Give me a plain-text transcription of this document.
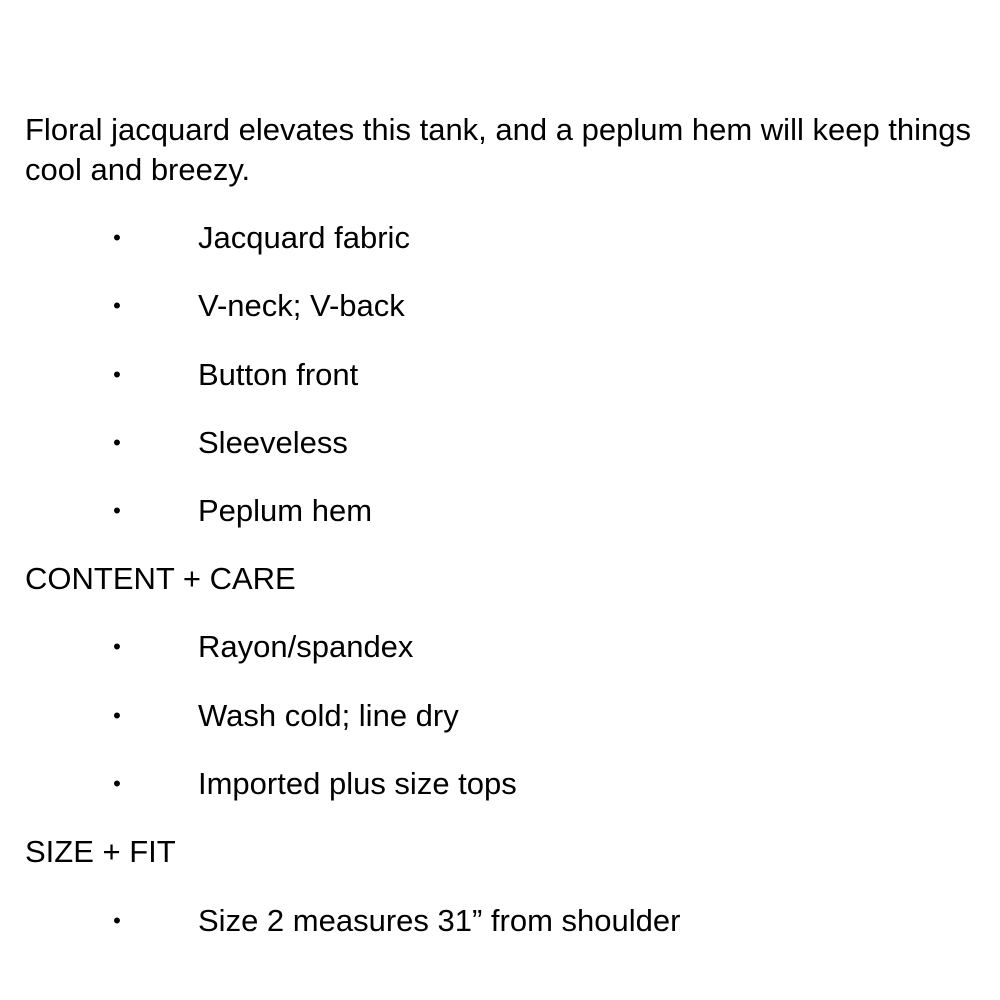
Floral jacquard elevates this tank, and a peplum hem will keep things cool and breezy.

• Jacquard fabric
• V-neck; V-back
• Button front
• Sleeveless
• Peplum hem
CONTENT + CARE
• Rayon/spandex
• Wash cold; line dry
• Imported plus size tops
SIZE + FIT
• Size 2 measures 31” from shoulder
